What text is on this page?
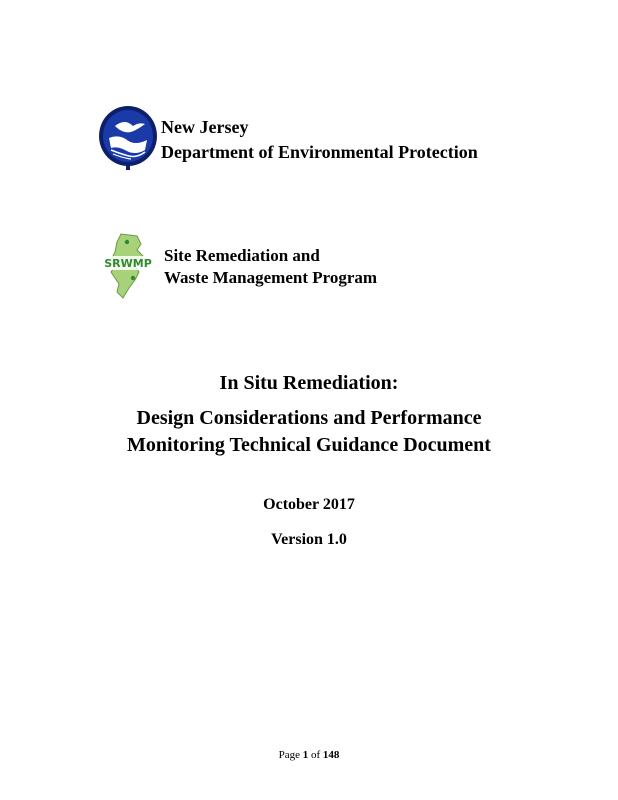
New Jersey
Department of Environmental Protection
SRWMP Site Remediation and
Waste Management Program
In Situ Remediation:
Design Considerations and Performance
Monitoring Technical Guidance Document
October 2017
Version 1.0
Page 1 of 148
